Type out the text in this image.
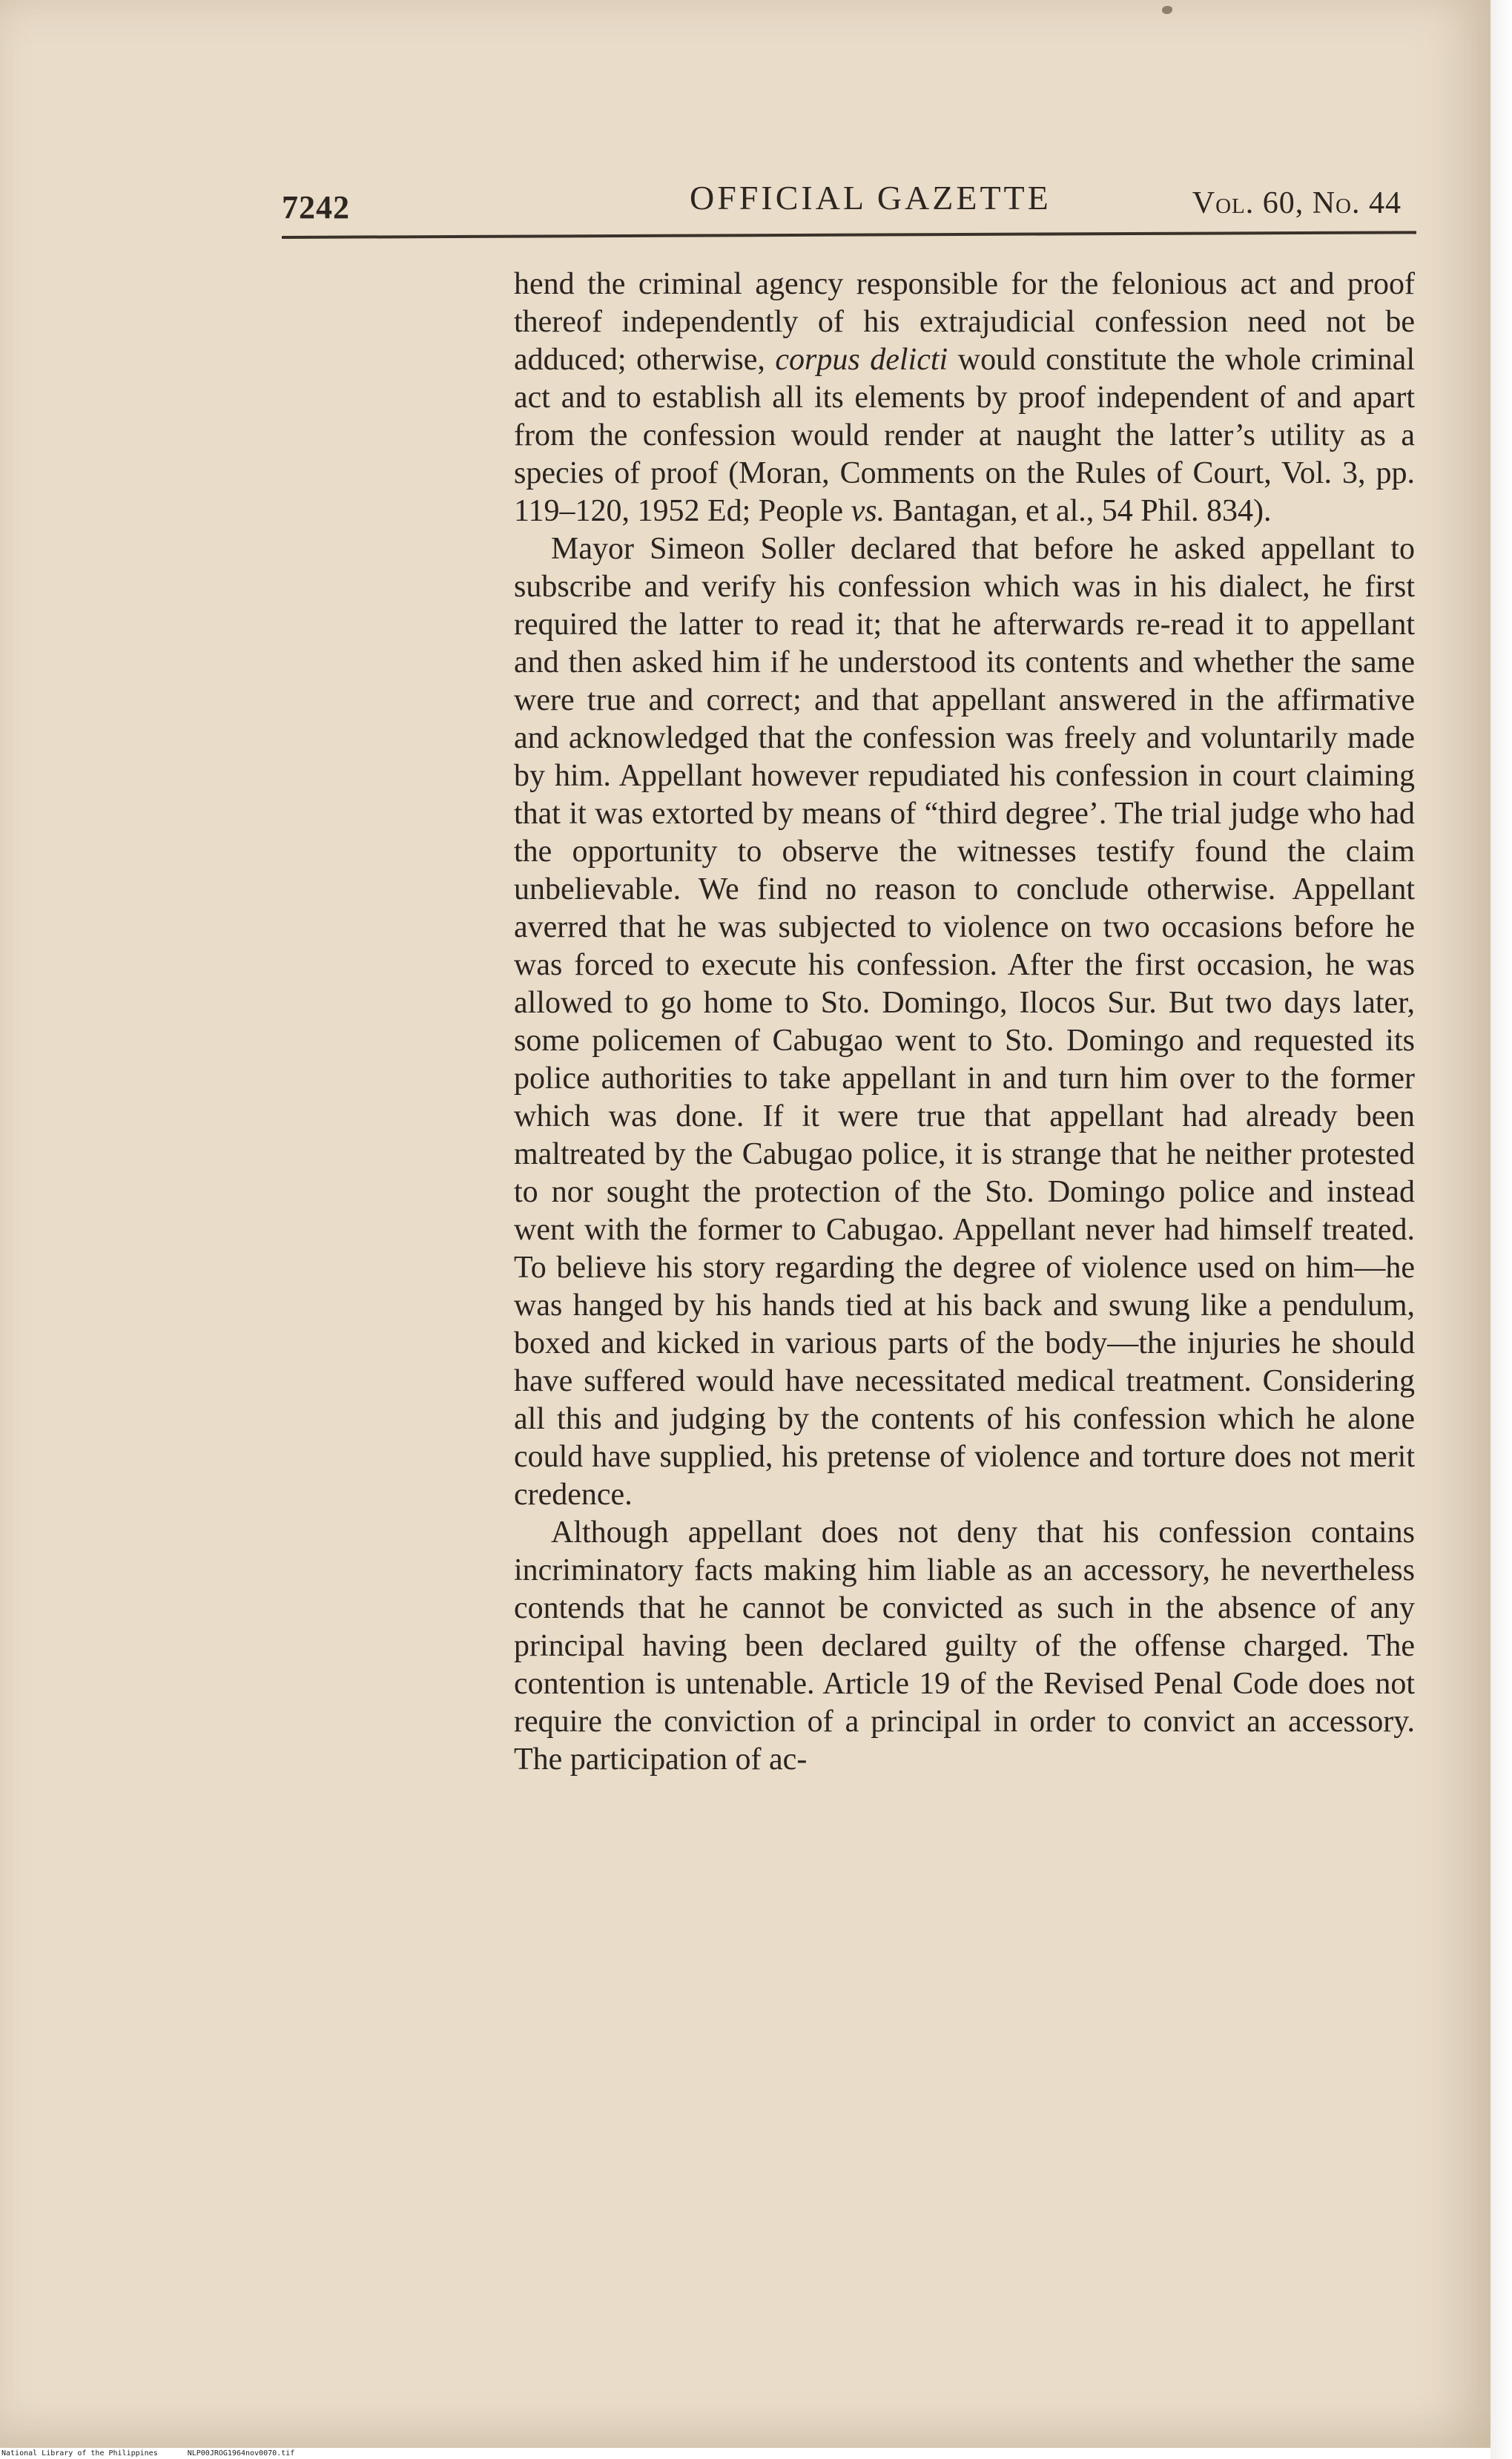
7242	OFFICIAL GAZETTE	Vol. 60, No. 44

hend the criminal agency responsible for the felonious act and proof thereof independently of his extrajudicial confession need not be adduced; otherwise, corpus delicti would constitute the whole criminal act and to establish all its elements by proof independent of and apart from the confession would render at naught the latter’s utility as a species of proof (Moran, Comments on the Rules of Court, Vol. 3, pp. 119–120, 1952 Ed; People vs. Bantagan, et al., 54 Phil. 834).

Mayor Simeon Soller declared that before he asked appellant to subscribe and verify his confession which was in his dialect, he first required the latter to read it; that he afterwards re-read it to appellant and then asked him if he understood its contents and whether the same were true and correct; and that appellant answered in the affirmative and acknowledged that the confession was freely and voluntarily made by him. Appellant however repudiated his confession in court claiming that it was extorted by means of “third degree’. The trial judge who had the opportunity to observe the witnesses testify found the claim unbelievable. We find no reason to conclude otherwise. Appellant averred that he was subjected to violence on two occasions before he was forced to execute his confession. After the first occasion, he was allowed to go home to Sto. Domingo, Ilocos Sur. But two days later, some policemen of Cabugao went to Sto. Domingo and requested its police authorities to take appellant in and turn him over to the former which was done. If it were true that appellant had already been maltreated by the Cabugao police, it is strange that he neither protested to nor sought the protection of the Sto. Domingo police and instead went with the former to Cabugao. Appellant never had himself treated. To believe his story regarding the degree of violence used on him—he was hanged by his hands tied at his back and swung like a pendulum, boxed and kicked in various parts of the body—the injuries he should have suffered would have necessitated medical treatment. Considering all this and judging by the contents of his confession which he alone could have supplied, his pretense of violence and torture does not merit credence.

Although appellant does not deny that his confession contains incriminatory facts making him liable as an accessory, he nevertheless contends that he cannot be convicted as such in the absence of any principal having been declared guilty of the offense charged. The contention is untenable. Article 19 of the Revised Penal Code does not require the conviction of a principal in order to convict an accessory. The participation of ac-

National Library of the Philippines	NLP00JROG1964nov0070.tif
